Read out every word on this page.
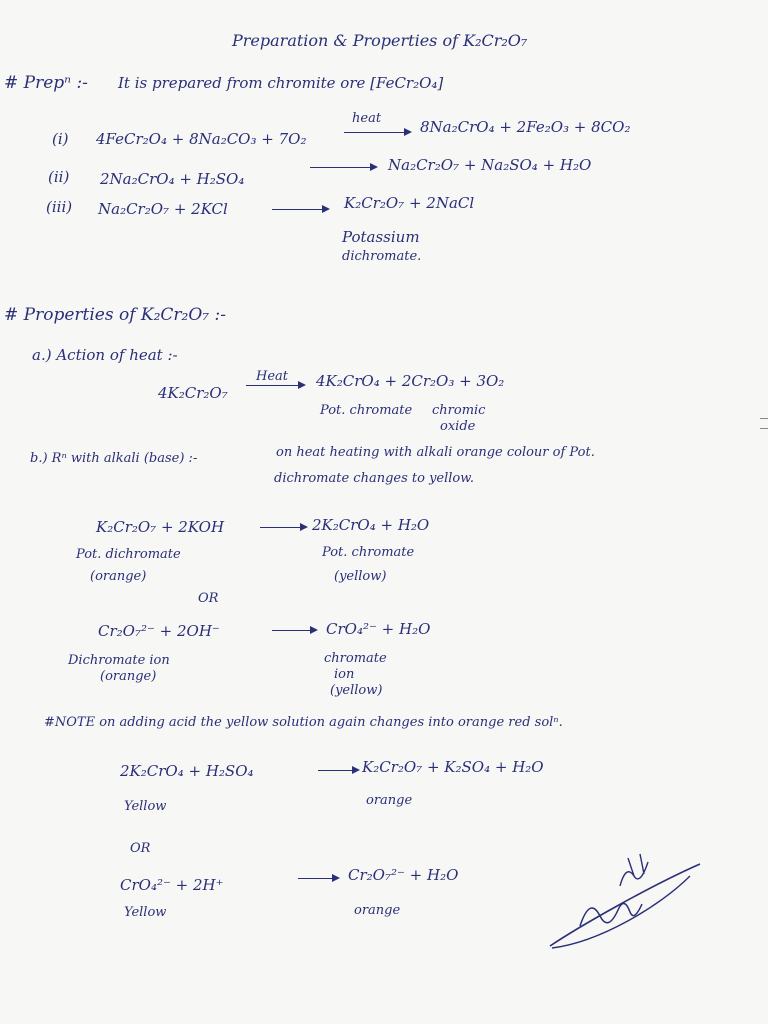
Preparation & Properties of K₂Cr₂O₇
# Prepⁿ :- It is prepared from chromite ore [FeCr₂O₄]
(i) 4FeCr₂O₄ + 8Na₂CO₃ + 7O₂
heat	8Na₂CrO₄ + 2Fe₂O₃ + 8CO₂
(ii) 2Na₂CrO₄ + H₂SO₄
Na₂Cr₂O₇ + Na₂SO₄ + H₂O
(iii) Na₂Cr₂O₇ + 2KCl	→ K₂Cr₂O₇ + 2NaCl
Potassium
dichromate.
# Properties of K₂Cr₂O₇ :-
a.) Action of heat :-
4K₂Cr₂O₇
Heat 4K₂CrO₄ + 2Cr₂O₃ + 3O₂
Pot. chromate chromic
oxide
b.) Rⁿ with alkali (base) :-	on heat heating with alkali orange colour of Pot.
dichromate changes to yellow.
K₂Cr₂O₇ + 2KOH	2K₂CrO₄ + H₂O
Pot. dichromate
(orange)
Pot. chromate
(yellow)
OR
Cr₂O₇²⁻ + 2OH⁻	CrO₄²⁻ + H₂O
Dichromate ion
(orange)
chromate
ion
(yellow)
#NOTE on adding acid the yellow solution again changes into orange red solⁿ.
2K₂CrO₄ + H₂SO₄	K₂Cr₂O₇ + K₂SO₄ + H₂O
Yellow	orange
OR
CrO₄²⁻ + 2H⁺
Cr₂O₇²⁻ + H₂O
Yellow	orange
